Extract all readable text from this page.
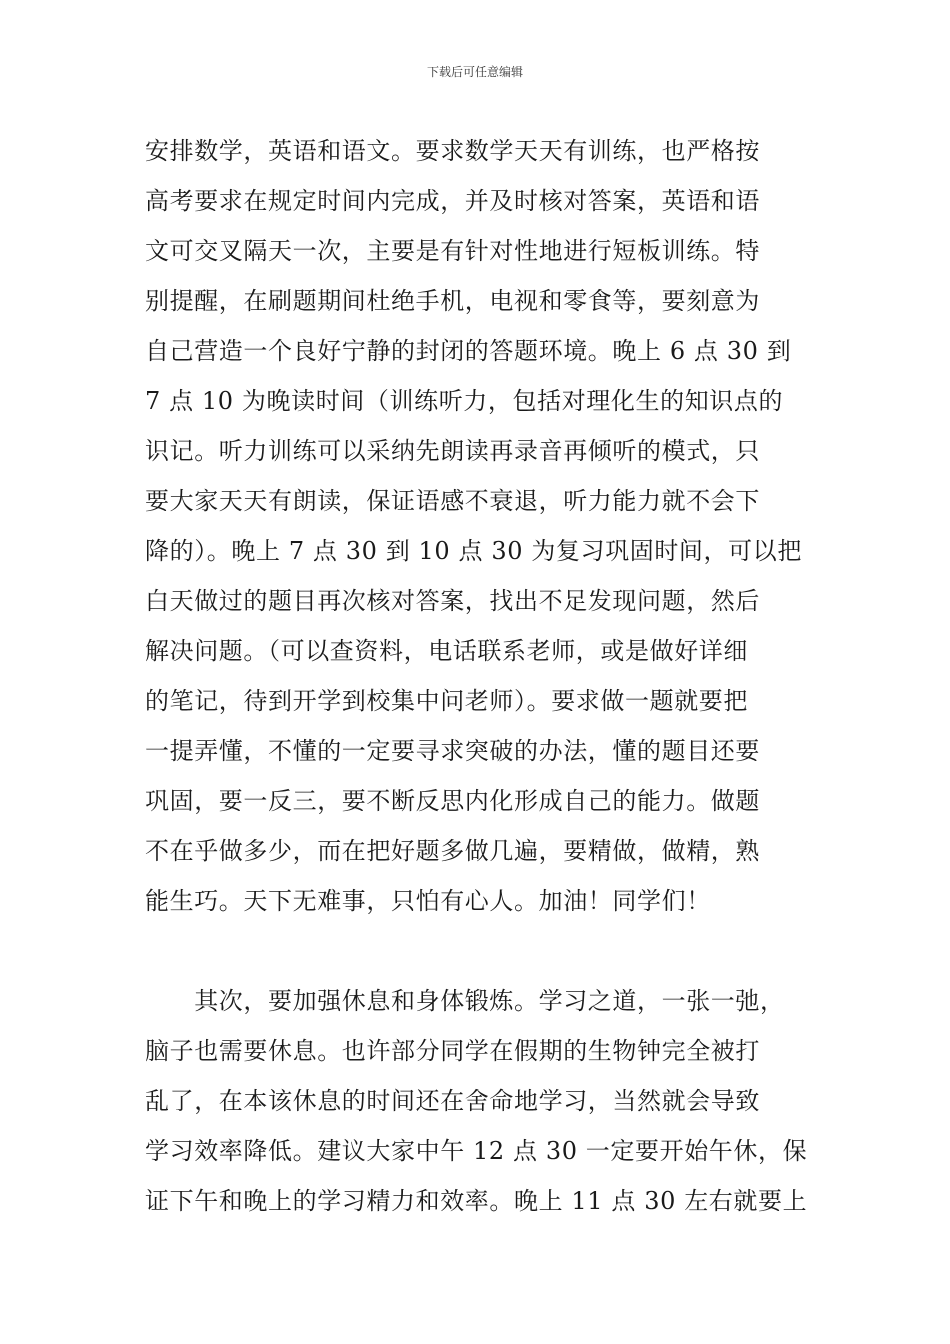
下载后可任意编辑
安排数学，英语和语文。要求数学天天有训练，也严格按
高考要求在规定时间内完成，并及时核对答案，英语和语
文可交叉隔天一次，主要是有针对性地进行短板训练。特
别提醒，在刷题期间杜绝手机，电视和零食等，要刻意为
自己营造一个良好宁静的封闭的答题环境。晚上 6 点 30 到
7 点 10 为晚读时间（训练听力，包括对理化生的知识点的
识记。听力训练可以采纳先朗读再录音再倾听的模式，只
要大家天天有朗读，保证语感不衰退，听力能力就不会下
降的）。晚上 7 点 30 到 10 点 30 为复习巩固时间，可以把
白天做过的题目再次核对答案，找出不足发现问题，然后
解决问题。（可以查资料，电话联系老师，或是做好详细
的笔记，待到开学到校集中问老师）。要求做一题就要把
一提弄懂，不懂的一定要寻求突破的办法，懂的题目还要
巩固，要一反三，要不断反思内化形成自己的能力。做题
不在乎做多少，而在把好题多做几遍，要精做，做精，熟
能生巧。天下无难事，只怕有心人。加油！同学们！
　　其次，要加强休息和身体锻炼。学习之道，一张一弛，
脑子也需要休息。也许部分同学在假期的生物钟完全被打
乱了，在本该休息的时间还在舍命地学习，当然就会导致
学习效率降低。建议大家中午 12 点 30 一定要开始午休，保
证下午和晚上的学习精力和效率。晚上 11 点 30 左右就要上
